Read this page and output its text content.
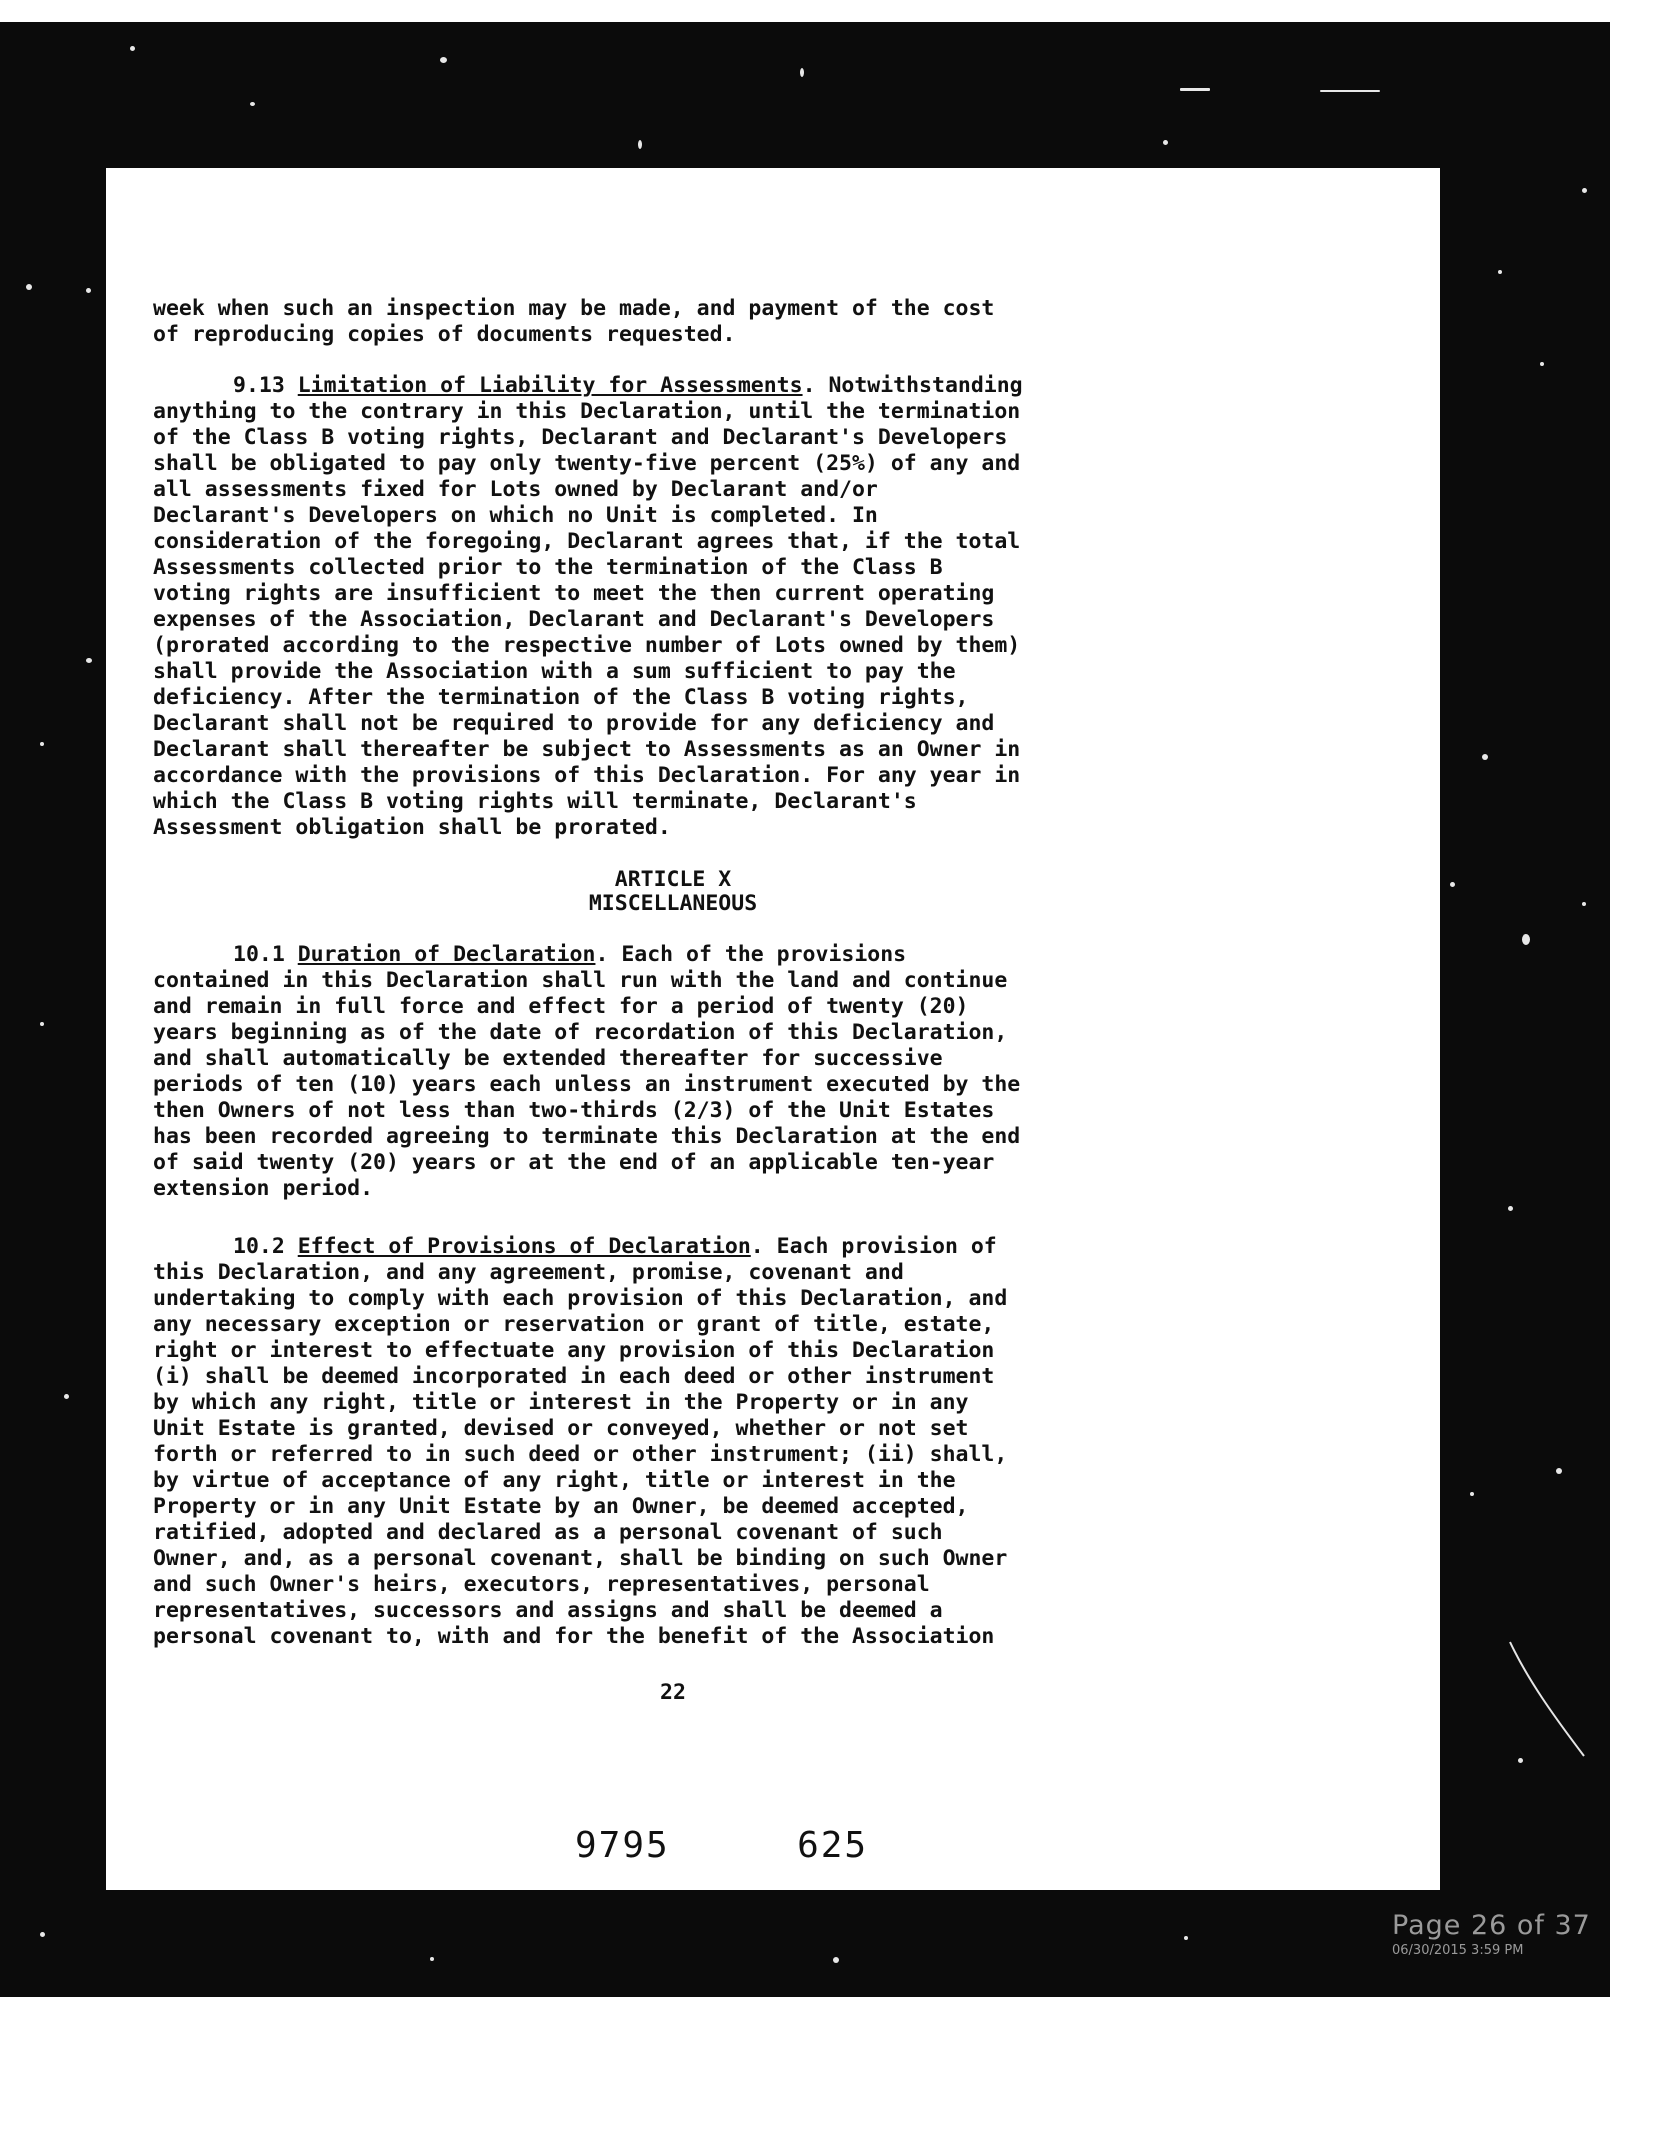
week when such an inspection may be made, and payment of the cost
of reproducing copies of documents requested.
9.13 Limitation of Liability for Assessments. Notwithstanding
anything to the contrary in this Declaration, until the termination
of the Class B voting rights, Declarant and Declarant's Developers
shall be obligated to pay only twenty-five percent (25%) of any and
all assessments fixed for Lots owned by Declarant and/or
Declarant's Developers on which no Unit is completed. In
consideration of the foregoing, Declarant agrees that, if the total
Assessments collected prior to the termination of the Class B
voting rights are insufficient to meet the then current operating
expenses of the Association, Declarant and Declarant's Developers
(prorated according to the respective number of Lots owned by them)
shall provide the Association with a sum sufficient to pay the
deficiency. After the termination of the Class B voting rights,
Declarant shall not be required to provide for any deficiency and
Declarant shall thereafter be subject to Assessments as an Owner in
accordance with the provisions of this Declaration. For any year in
which the Class B voting rights will terminate, Declarant's
Assessment obligation shall be prorated.
ARTICLE X
MISCELLANEOUS
10.1 Duration of Declaration. Each of the provisions
contained in this Declaration shall run with the land and continue
and remain in full force and effect for a period of twenty (20)
years beginning as of the date of recordation of this Declaration,
and shall automatically be extended thereafter for successive
periods of ten (10) years each unless an instrument executed by the
then Owners of not less than two-thirds (2/3) of the Unit Estates
has been recorded agreeing to terminate this Declaration at the end
of said twenty (20) years or at the end of an applicable ten-year
extension period.
10.2 Effect of Provisions of Declaration. Each provision of
this Declaration, and any agreement, promise, covenant and
undertaking to comply with each provision of this Declaration, and
any necessary exception or reservation or grant of title, estate,
right or interest to effectuate any provision of this Declaration
(i) shall be deemed incorporated in each deed or other instrument
by which any right, title or interest in the Property or in any
Unit Estate is granted, devised or conveyed, whether or not set
forth or referred to in such deed or other instrument; (ii) shall,
by virtue of acceptance of any right, title or interest in the
Property or in any Unit Estate by an Owner, be deemed accepted,
ratified, adopted and declared as a personal covenant of such
Owner, and, as a personal covenant, shall be binding on such Owner
and such Owner's heirs, executors, representatives, personal
representatives, successors and assigns and shall be deemed a
personal covenant to, with and for the benefit of the Association
22
9795	625
Page 26 of 37
06/30/2015 3:59 PM
